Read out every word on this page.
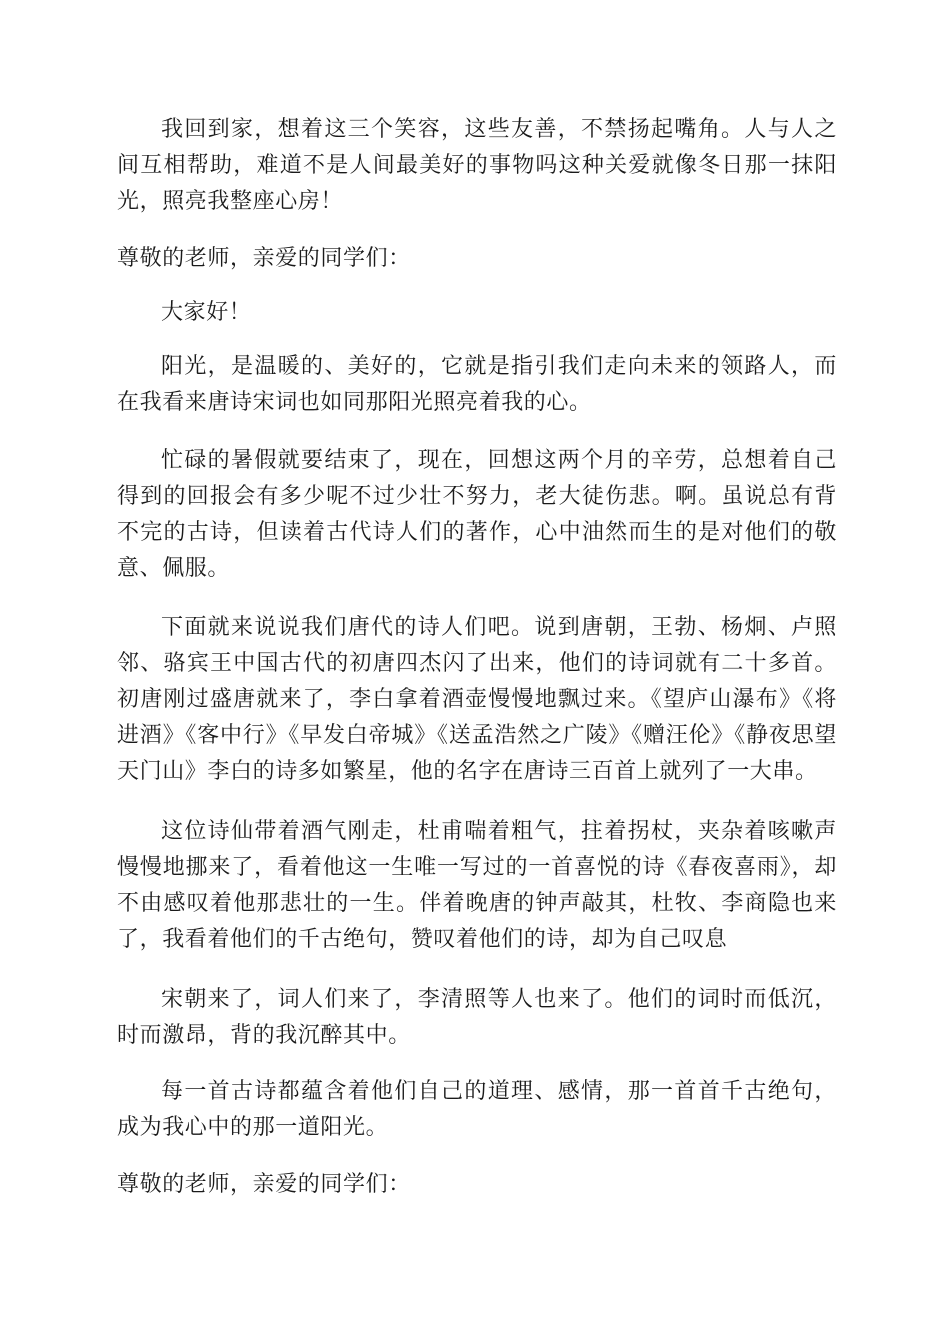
我回到家，想着这三个笑容，这些友善，不禁扬起嘴角。人与人之间互相帮助，难道不是人间最美好的事物吗这种关爱就像冬日那一抹阳光，照亮我整座心房！

尊敬的老师，亲爱的同学们：

大家好！

阳光，是温暖的、美好的，它就是指引我们走向未来的领路人，而在我看来唐诗宋词也如同那阳光照亮着我的心。

忙碌的暑假就要结束了，现在，回想这两个月的辛劳，总想着自己得到的回报会有多少呢不过少壮不努力，老大徒伤悲。啊。虽说总有背不完的古诗，但读着古代诗人们的著作，心中油然而生的是对他们的敬意、佩服。

下面就来说说我们唐代的诗人们吧。说到唐朝，王勃、杨炯、卢照邻、骆宾王中国古代的初唐四杰闪了出来，他们的诗词就有二十多首。初唐刚过盛唐就来了，李白拿着酒壶慢慢地飘过来。《望庐山瀑布》《将进酒》《客中行》《早发白帝城》《送孟浩然之广陵》《赠汪伦》《静夜思望天门山》李白的诗多如繁星，他的名字在唐诗三百首上就列了一大串。

这位诗仙带着酒气刚走，杜甫喘着粗气，拄着拐杖，夹杂着咳嗽声慢慢地挪来了，看着他这一生唯一写过的一首喜悦的诗《春夜喜雨》，却不由感叹着他那悲壮的一生。伴着晚唐的钟声敲其，杜牧、李商隐也来了，我看着他们的千古绝句，赞叹着他们的诗，却为自己叹息

宋朝来了，词人们来了，李清照等人也来了。他们的词时而低沉，时而激昂，背的我沉醉其中。

每一首古诗都蕴含着他们自己的道理、感情，那一首首千古绝句，成为我心中的那一道阳光。

尊敬的老师，亲爱的同学们：
